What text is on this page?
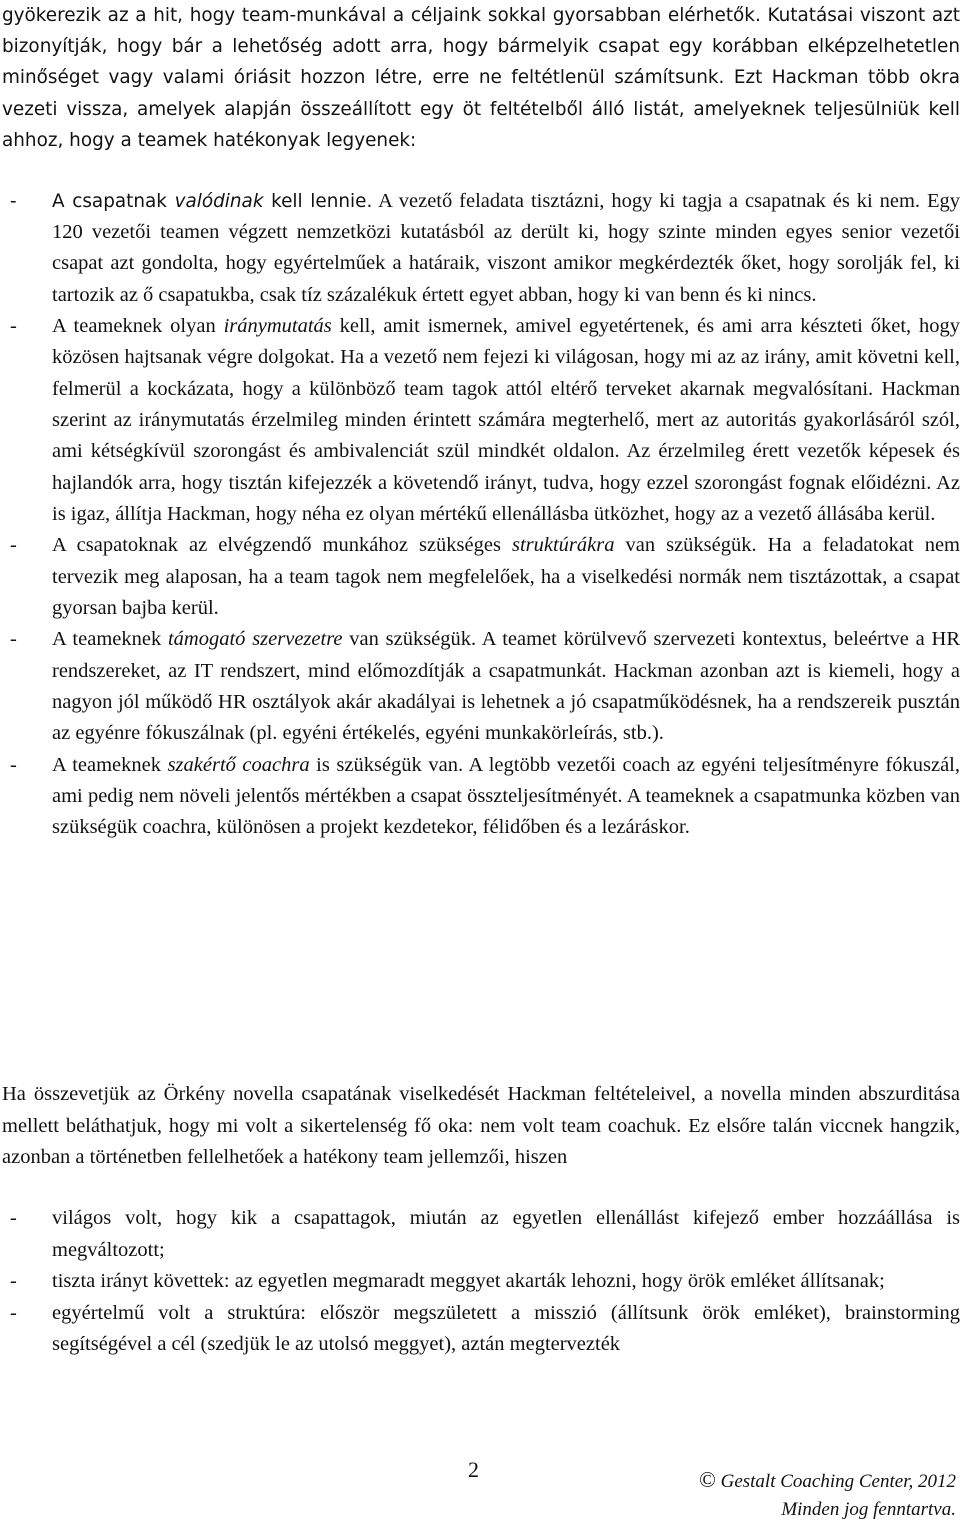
gyökerezik az a hit, hogy team-munkával a céljaink sokkal gyorsabban elérhetők. Kutatásai viszont azt bizonyítják, hogy bár a lehetőség adott arra, hogy bármelyik csapat egy korábban elképzelhetetlen minőséget vagy valami óriásit hozzon létre, erre ne feltétlenül számítsunk. Ezt Hackman több okra vezeti vissza, amelyek alapján összeállított egy öt feltételből álló listát, amelyeknek teljesülniük kell ahhoz, hogy a teamek hatékonyak legyenek:

- A csapatnak valódinak kell lennie. A vezető feladata tisztázni, hogy ki tagja a csapatnak és ki nem. Egy 120 vezetői teamen végzett nemzetközi kutatásból az derült ki, hogy szinte minden egyes senior vezetői csapat azt gondolta, hogy egyértelműek a határaik, viszont amikor megkérdezték őket, hogy sorolják fel, ki tartozik az ő csapatukba, csak tíz százalékuk értett egyet abban, hogy ki van benn és ki nincs.
- A teameknek olyan iránymutatás kell, amit ismernek, amivel egyetértenek, és ami arra készteti őket, hogy közösen hajtsanak végre dolgokat. Ha a vezető nem fejezi ki világosan, hogy mi az az irány, amit követni kell, felmerül a kockázata, hogy a különböző team tagok attól eltérő terveket akarnak megvalósítani. Hackman szerint az iránymutatás érzelmileg minden érintett számára megterhelő, mert az autoritás gyakorlásáról szól, ami kétségkívül szorongást és ambivalenciát szül mindkét oldalon. Az érzelmileg érett vezetők képesek és hajlandók arra, hogy tisztán kifejezzék a követendő irányt, tudva, hogy ezzel szorongást fognak előidézni. Az is igaz, állítja Hackman, hogy néha ez olyan mértékű ellenállásba ütközhet, hogy az a vezető állásába kerül.
- A csapatoknak az elvégzendő munkához szükséges struktúrákra van szükségük. Ha a feladatokat nem tervezik meg alaposan, ha a team tagok nem megfelelőek, ha a viselkedési normák nem tisztázottak, a csapat gyorsan bajba kerül.
- A teameknek támogató szervezetre van szükségük. A teamet körülvevő szervezeti kontextus, beleértve a HR rendszereket, az IT rendszert, mind előmozdítják a csapatmunkát. Hackman azonban azt is kiemeli, hogy a nagyon jól működő HR osztályok akár akadályai is lehetnek a jó csapatműködésnek, ha a rendszereik pusztán az egyénre fókuszálnak (pl. egyéni értékelés, egyéni munkakörleírás, stb.).
- A teameknek szakértő coachra is szükségük van. A legtöbb vezetői coach az egyéni teljesítményre fókuszál, ami pedig nem növeli jelentős mértékben a csapat összteljesítményét. A teameknek a csapatmunka közben van szükségük coachra, különösen a projekt kezdetekor, félidőben és a lezáráskor.

Ha összevetjük az Örkény novella csapatának viselkedését Hackman feltételeivel, a novella minden abszurditása mellett beláthatjuk, hogy mi volt a sikertelenség fő oka: nem volt team coachuk. Ez elsőre talán viccnek hangzik, azonban a történetben fellelhetőek a hatékony team jellemzői, hiszen

- világos volt, hogy kik a csapattagok, miután az egyetlen ellenállást kifejező ember hozzáállása is megváltozott;
- tiszta irányt követtek: az egyetlen megmaradt meggyet akarták lehozni, hogy örök emléket állítsanak;
- egyértelmű volt a struktúra: először megszületett a misszió (állítsunk örök emléket), brainstorming segítségével a cél (szedjük le az utolsó meggyet), aztán megtervezték
2	© Gestalt Coaching Center, 2012
Minden jog fenntartva.
